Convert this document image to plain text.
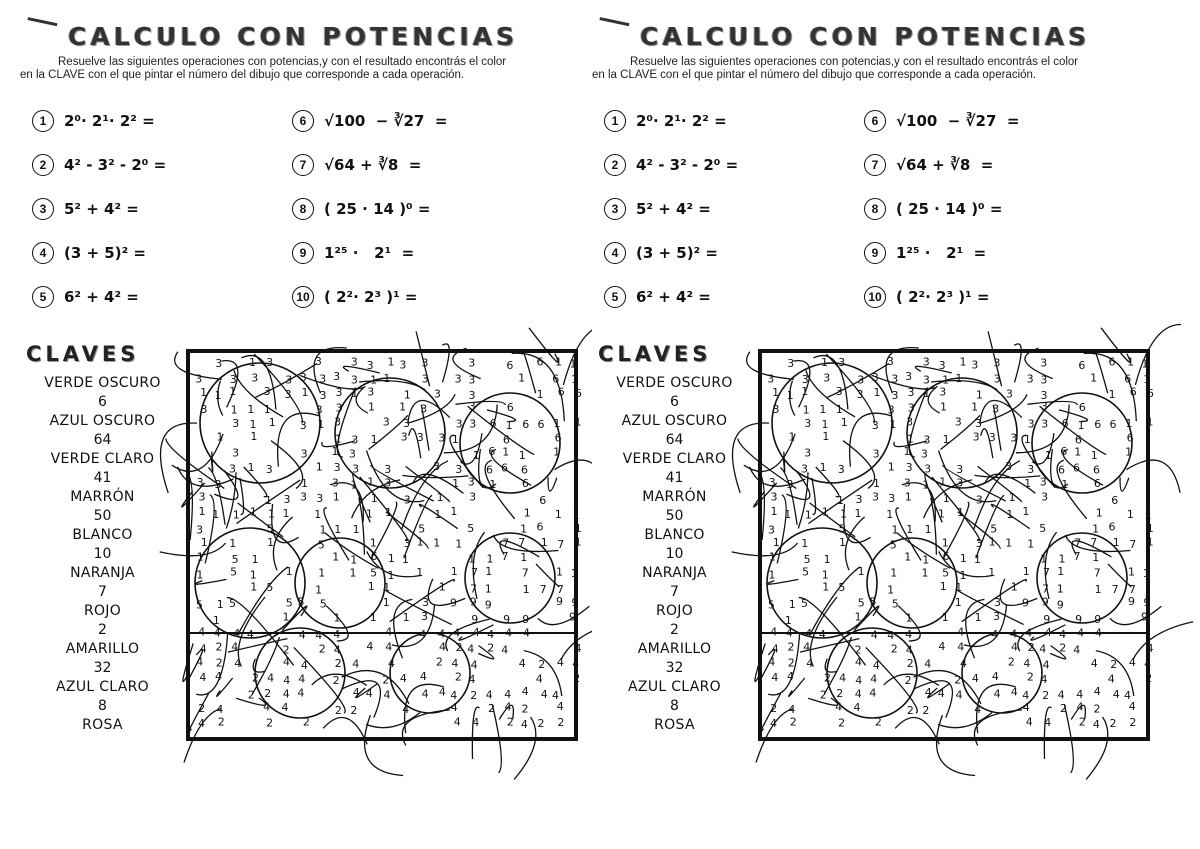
CALCULO CON POTENCIAS
Resuelve las siguientes operaciones con potencias,y con el resultado encontrás el color
en la CLAVE con el que pintar el número del dibujo que corresponde a cada operación.
1	2⁰· 2¹· 2² =
2	4² - 3² - 2⁰ =
3	5² + 4² =
4	(3 + 5)² =
5	6² + 4² =
6	√100  − ∛27  =
7	√64 + ∛8  =
8	( 25 · 14 )⁰ =
9	1²⁵ ·   2¹  =
10 ( 2²· 2³ )¹ =
CLAVES
VERDE OSCURO
6
AZUL OSCURO
64
VERDE CLARO
41
MARRÓN
50
BLANCO
10
NARANJA
7
ROJO
2
AMARILLO
32
AZUL CLARO
8
ROSA
3 1 3	3	3 3 1 3 3	3	6 6 1 1
3	3 3 3 3 3 3 3 1 1	3 3 3	1 6 1
1 1 1 3 3 1 3 3 1 3	1 3	3	1 6 6
3 1 1 1	3 3 1 1 3	3	6
3 1 1 3 1 3	3 3	3 3 6 1 6 6 1 1
1 1	1 3 1 3 3 3 1	6	6
3	3 1 3	1 6 1 1 1
3 1 3	1 3 3 3	3 3 6 6 6
3 3	1 3 1 1 3	1 3 1 6
3	1 3 3 3 1	1 3 1 3	6
1 1 1 1 1 1 1	1 1	1 1	1 1 1
3	5	1 1 1	5	5	1 6	1
1 1	1	5	1 3 1 1 1	7 7 1 7 1
1	5 1	1 1 6 1 1	1 1 7 1
1 5 1	1 1 1 5 1 1	1 7 1	7 1 1
1 5	1	1 1	1 7 1	1 7 7
5 1 5	5 5 5	1	3 9 9 9	9 9
1	1	1	1 1 3	9 9 9	9
4 4 4 4	4 4 4	4 4 4 4 4 4 4 4
4 2 4	2	2 4 4 4	4 2 4 2 4	4
4 2 4	4 4 2 4	4	2 4 4	4 2 4 4
4 4	2 4 4 4 2	2 4 4	2 4	4	2
2 2 4 4	4 4 4	4 4 4 2 4 4 4 4 4
2 4	4 4	2 2	4	4	2 4 2	4
4 2	2	2	4 4 2 4 2 2
CALCULO CON POTENCIAS
Resuelve las siguientes operaciones con potencias,y con el resultado encontrás el color
en la CLAVE con el que pintar el número del dibujo que corresponde a cada operación.
1	2⁰· 2¹· 2² =
2	4² - 3² - 2⁰ =
3	5² + 4² =
4	(3 + 5)² =
5	6² + 4² =
6	√100  − ∛27  =
7	√64 + ∛8  =
8	( 25 · 14 )⁰ =
9	1²⁵ ·   2¹  =
10 ( 2²· 2³ )¹ =
CLAVES
VERDE OSCURO
6
AZUL OSCURO
64
VERDE CLARO
41
MARRÓN
50
BLANCO
10
NARANJA
7
ROJO
2
AMARILLO
32
AZUL CLARO
8
ROSA
3 1 3	3	3 3 1 3 3	3	6 6 1 1
3	3 3 3 3 3 3 3 1 1	3 3 3	1 6 1
1 1 1 3 3 1 3 3 1 3	1 3	3	1 6 6
3 1 1 1	3 3 1 1 3	3	6
3 1 1 3 1 3	3 3	3 3 6 1 6 6 1 1
1 1	1 3 1 3 3 3 1	6	6
3	3 1 3	1 6 1 1 1
3 1 3	1 3 3 3	3 3 6 6 6
3 3	1 3 1 1 3	1 3 1 6
3	1 3 3 3 1	1 3 1 3	6
1 1 1 1 1 1 1	1 1	1 1	1 1 1
3	5	1 1 1	5	5	1 6	1
1 1	1	5	1 3 1 1 1	7 7 1 7 1
1	5 1	1 1 6 1 1	1 1 7 1
1 5 1	1 1 1 5 1 1	1 7 1	7 1 1
1 5	1	1 1	1 7 1	1 7 7
5 1 5	5 5 5	1	3 9 9 9	9 9
1	1	1	1 1 3	9 9 9	9
4 4 4 4	4 4 4	4 4 4 4 4 4 4 4
4 2 4	2	2 4 4 4	4 2 4 2 4	4
4 2 4	4 4 2 4	4	2 4 4	4 2 4 4
4 4	2 4 4 4 2	2 4 4	2 4	4	2
2 2 4 4	4 4 4	4 4 4 2 4 4 4 4 4
2 4	4 4	2 2	4	4	2 4 2	4
4 2	2	2	4 4 2 4 2 2
